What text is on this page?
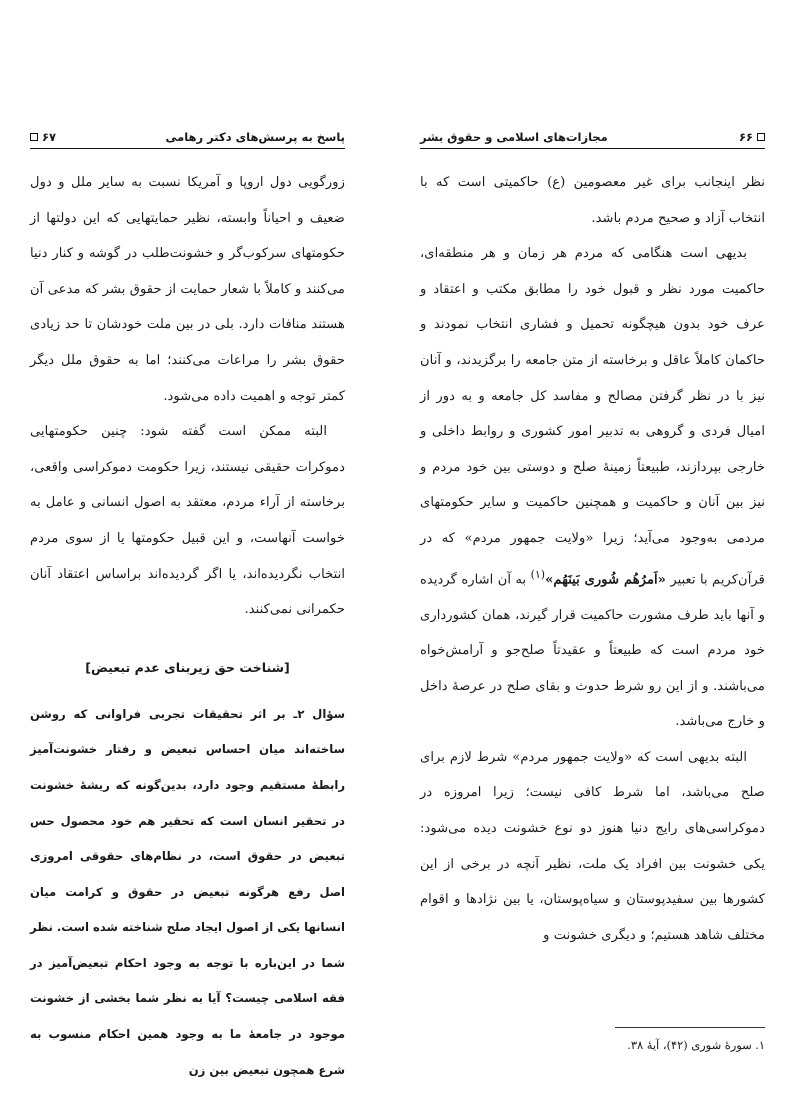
۶۶
مجازات‌های اسلامی و حقوق بشر

نظر اینجانب برای غیر معصومین (ع) حاکمیتی است که با انتخاب آزاد و صحیح مردم باشد.

بدیهی است هنگامی که مردم هر زمان و هر منطقه‌ای، حاکمیت مورد نظر و قبول خود را مطابق مکتب و اعتقاد و عرف خود بدون هیچگونه تحمیل و فشاری انتخاب نمودند و حاکمان کاملاً عاقل و برخاسته از متن جامعه را برگزیدند، و آنان نیز با در نظر گرفتن مصالح و مفاسد کل جامعه و به دور از امیال فردی و گروهی به تدبیر امور کشوری و روابط داخلی و خارجی بپردازند، طبیعتاً زمینهٔ صلح و دوستی بین خود مردم و نیز بین آنان و حاکمیت و همچنین حاکمیت و سایر حکومتهای مردمی به‌وجود می‌آید؛ زیرا «ولایت جمهور مردم» که در قرآن‌کریم با تعبیر «اَمرُهُم شُوری بَینَهُم»$^{(۱)}$ به آن اشاره گردیده و آنها باید طرف مشورت حاکمیت قرار گیرند، همان کشورداری خود مردم است که طبیعتاً و عقیدتاً صلح‌جو و آرامش‌خواه می‌باشند. و از این رو شرط حدوث و بقای صلح در عرصهٔ داخل و خارج می‌باشد.

البته بدیهی است که «ولایت جمهور مردم» شرط لازم برای صلح می‌باشد، اما شرط کافی نیست؛ زیرا امروزه در دموکراسی‌های رایج دنیا هنوز دو نوع خشونت دیده می‌شود: یکی خشونت بین افراد یک ملت، نظیر آنچه در برخی از این کشورها بین سفیدپوستان و سیاه‌پوستان، یا بین نژادها و اقوام مختلف شاهد هستیم؛ و دیگری خشونت و

۱. سورهٔ شوری (۴۲)، آیهٔ ۳۸.
پاسخ به پرسش‌های دکتر رهامی
۶۷

زورگویی دول اروپا و آمریکا نسبت به سایر ملل و دول ضعیف و احیاناً وابسته، نظیر حمایتهایی که این دولتها از حکومتهای سرکوب‌گر و خشونت‌طلب در گوشه و کنار دنیا می‌کنند و کاملاً با شعار حمایت از حقوق بشر که مدعی آن هستند منافات دارد. بلی در بین ملت خودشان تا حد زیادی حقوق بشر را مراعات می‌کنند؛ اما به حقوق ملل دیگر کمتر توجه و اهمیت داده می‌شود.

البته ممکن است گفته شود: چنین حکومتهایی دموکرات حقیقی نیستند، زیرا حکومت دموکراسی واقعی، برخاسته از آراء مردم، معتقد به اصول انسانی و عامل به خواست آنهاست، و این قبیل حکومتها یا از سوی مردم انتخاب نگردیده‌اند، یا اگر گردیده‌اند براساس اعتقاد آنان حکمرانی نمی‌کنند.

[شناخت حق زیربنای عدم تبعیض]

سؤال ۲ـ بر اثر تحقیقات تجربی فراوانی که روشن ساخته‌اند میان احساس تبعیض و رفتار خشونت‌آمیز رابطهٔ مستقیم وجود دارد، بدین‌گونه که ریشهٔ خشونت در تحقیر انسان است که تحقیر هم خود محصول حس تبعیض در حقوق است، در نظام‌های حقوقی امروزی اصل رفع هرگونه تبعیض در حقوق و کرامت میان انسانها یکی از اصول ایجاد صلح شناخته شده است. نظر شما در این‌باره با توجه به وجود احکام تبعیض‌آمیز در فقه اسلامی چیست؟ آیا به نظر شما بخشی از خشونت موجود در جامعهٔ ما به وجود همین احکام منسوب به شرع همچون تبعیض بین زن
